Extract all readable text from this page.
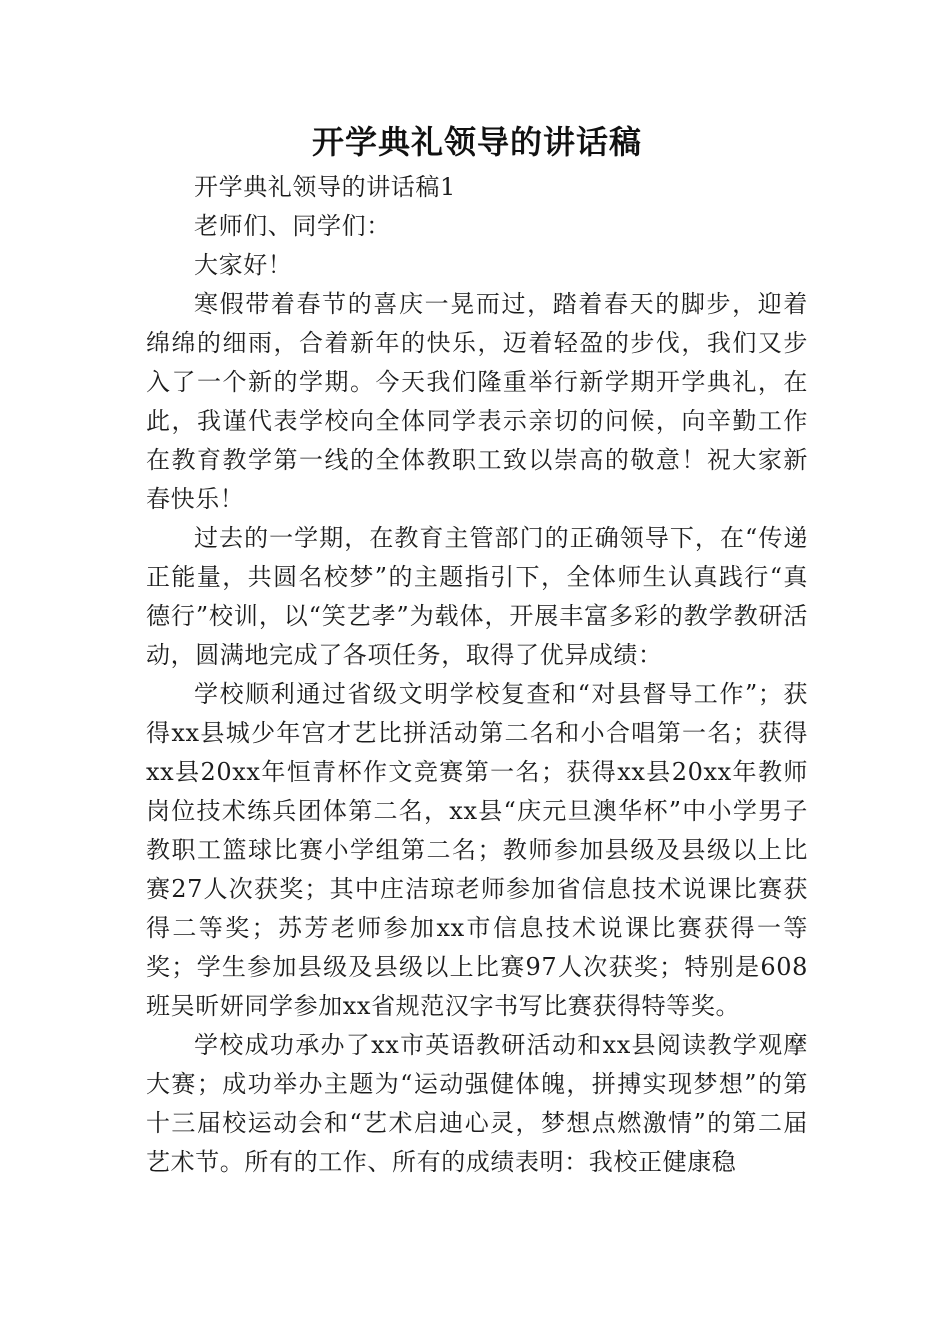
开学典礼领导的讲话稿

开学典礼领导的讲话稿1

老师们、同学们：

大家好！

寒假带着春节的喜庆一晃而过，踏着春天的脚步，迎着绵绵的细雨，合着新年的快乐，迈着轻盈的步伐，我们又步入了一个新的学期。今天我们隆重举行新学期开学典礼，在此，我谨代表学校向全体同学表示亲切的问候，向辛勤工作在教育教学第一线的全体教职工致以崇高的敬意！祝大家新春快乐！

过去的一学期，在教育主管部门的正确领导下，在“传递正能量，共圆名校梦”的主题指引下，全体师生认真践行“真德行”校训，以“笑艺孝”为载体，开展丰富多彩的教学教研活动，圆满地完成了各项任务，取得了优异成绩：

学校顺利通过省级文明学校复查和“对县督导工作”；获得xx县城少年宫才艺比拼活动第二名和小合唱第一名；获得xx县20xx年恒青杯作文竞赛第一名；获得xx县20xx年教师岗位技术练兵团体第二名，xx县“庆元旦澳华杯”中小学男子教职工篮球比赛小学组第二名；教师参加县级及县级以上比赛27人次获奖；其中庄洁琼老师参加省信息技术说课比赛获得二等奖；苏芳老师参加xx市信息技术说课比赛获得一等奖；学生参加县级及县级以上比赛97人次获奖；特别是608班吴昕妍同学参加xx省规范汉字书写比赛获得特等奖。

学校成功承办了xx市英语教研活动和xx县阅读教学观摩大赛；成功举办主题为“运动强健体魄，拼搏实现梦想”的第十三届校运动会和“艺术启迪心灵，梦想点燃激情”的第二届艺术节。所有的工作、所有的成绩表明：我校正健康稳
